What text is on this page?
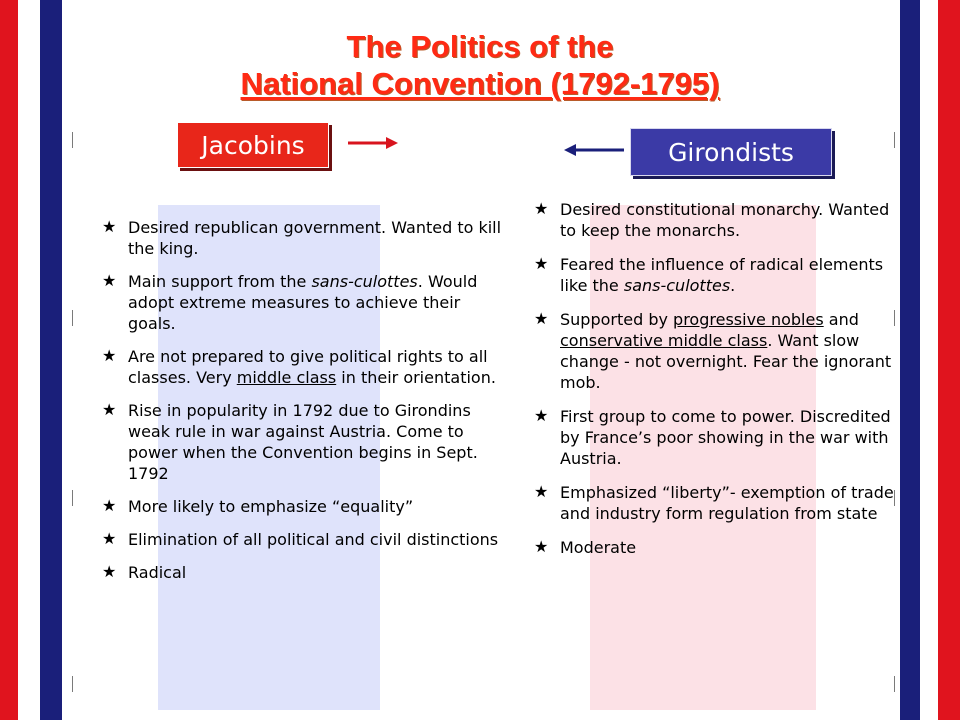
The Politics of the
National Convention (1792-1795)
Jacobins	Girondists
★ Desired republican government. Wanted to kill the king.
★ Main support from the sans-culottes. Would adopt extreme measures to achieve their goals.
★ Are not prepared to give political rights to all classes. Very middle class in their orientation.
★ Rise in popularity in 1792 due to Girondins weak rule in war against Austria. Come to power when the Convention begins in Sept. 1792
★ More likely to emphasize “equality”
★ Elimination of all political and civil distinctions
★ Radical
★ Desired constitutional monarchy. Wanted to keep the monarchs.
★ Feared the influence of radical elements like the sans-culottes.
★ Supported by progressive nobles and conservative middle class. Want slow change - not overnight. Fear the ignorant mob.
★ First group to come to power. Discredited by France’s poor showing in the war with Austria.
★ Emphasized “liberty”- exemption of trade and industry form regulation from state
★ Moderate
